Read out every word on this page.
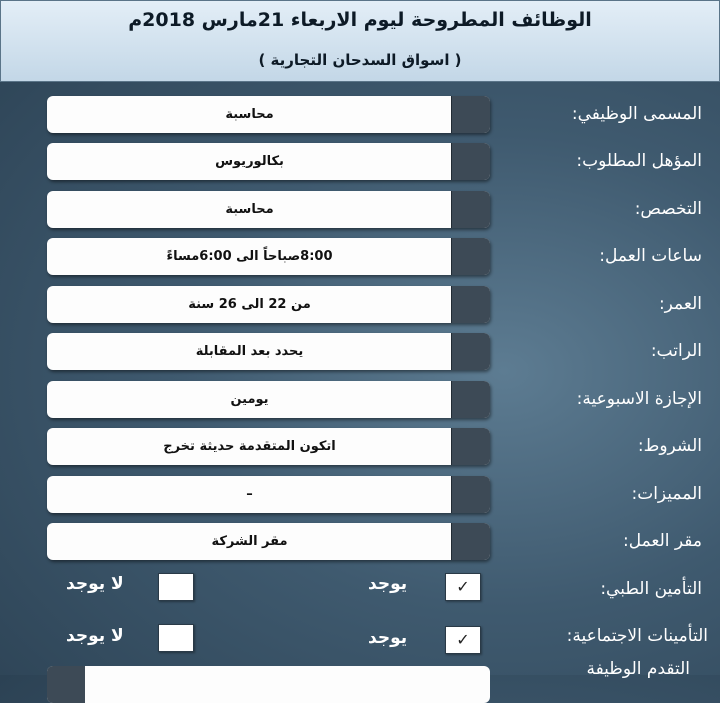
الوظائف المطروحة ليوم الاربعاء 21مارس 2018م
( اسواق السدحان التجارية )
المسمى الوظيفي:
محاسبة
المؤهل المطلوب:
بكالوريوس
التخصص:
محاسبة
ساعات العمل:
8:00صباحاً الى 6:00مساءً
العمر:
من 22 الى 26 سنة
الراتب:
يحدد بعد المقابلة
الإجازة الاسبوعية:
يومين
الشروط:
اتكون المتقدمة حديثة تخرج
المميزات:
–
مقر العمل:
مقر الشركة
التأمين الطبي:
✓
يوجد
لا يوجد
التأمينات الاجتماعية:
✓
يوجد
لا يوجد
التقدم الوظيفة
